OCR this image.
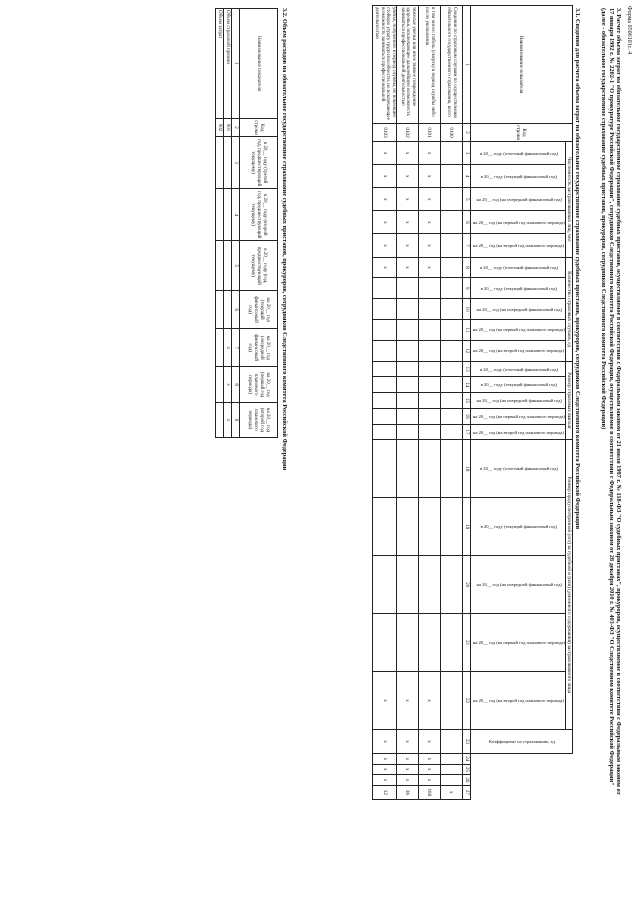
Форма 0506101с. 4
3. Расчет объема затрат на обязательное государственное страхование судебных приставов, осуществляемое в соответствии с Федеральным законом от 21 июля 1997 г. № 118-ФЗ "О судебных приставах", прокуроров, осуществляемое в соответствии с Федеральным законом от 17 января 1992 г. № 2202-1 "О прокуратуре Российской Федерации", сотрудников Следственного комитета Российской Федерации, осуществляемое в соответствии с Федеральным законом от 28 декабря 2010 г. № 403-ФЗ "О Следственном комитете Российской Федерации" (далее - обязательное государственное страхование судебных приставов, прокуроров, сотрудников Следственного комитета Российской Федерации)
3.1. Сведения для расчета объема затрат на обязательное государственное страхование судебных приставов, прокуроров, сотрудников Следственного комитета Российской Федерации
Наименование показателя	Код строки	Численность застрахованных лиц, чел					Количество страховых случаев, ед					Размер страховых выплат					Размер предусмотренной (его) за судебной и (или) (денежного содержания) застрахованного лица					Коэффициент по страхованию, ед				
		в 20__ году (отчетный финансовый год)	в 20__ году (текущий финансовый год)	на 20__ год (на очередной финансовый год)	на 20__ год (на первый год планового периода)	на 20__ год (на второй год планового периода)	в 20__ году (отчетный финансовый год)	в 20__ году (текущий финансовый год)	на 20__ год (на очередной финансовый год)	на 20__ год (на первый год планового периода)	на 20__ год (на второй год планового периода)	в 20__ году (отчетный финансовый год)	в 20__ году (текущий финансовый год)	на 20__ год (на очередной финансовый год)	на 20__ год (на первый год планового периода)	на 20__ год (на второй год планового периода)	в 20__ году (отчетный финансовый год)	в 20__ году (текущий финансовый год)	на 20__ год (на очередной финансовый год)	на 20__ год (на первый год планового периода)	на 20__ год (на второй год планового периода)					
1	2	3	4	5	6	7	8	9	10	11	12	13	14	15	16	17	18	19	20	21	22	23	24	25	26	27
Сведения по страховым случаям по осуществлению обязательного государственного страхования, всего	0100																									x
в том числе: гибель (смерть) в период службы либо после увольнения	0101	x	x	x	x	x	x														x	x	x	x	x	180
тяжелые увечья или иное тяжкое повреждение здоровья, исключающее дальнейшую возможность заниматься профессиональной деятельностью	0102	x	x	x	x	x	x														x	x	x	x	x	36
увечье, полученное в период службы, не повлекшее стойкую утрату трудоспособности, но исключающее возможность заниматься профессиональной деятельностью	0103	x	x	x	x	x	x														x	x	x	x	x	12
3.2. Объем расходов на обязательное государственное страхование судебных приставов, прокуроров, сотрудников Следственного комитета Российской Федерации
Наименование показателя	Код строки	в 20__ году (третий год, предшествующий текущему)	в 20__ году (второй год, предшествующий текущему)	в 20__ году (год, предшествующий текущему)	на 20__ год (текущий финансовый год)	на 20__ год (очередной финансовый год)	на 20__ год (первый год планового периода)	на 20__ год (второй год планового периода)
1	2	3	4	5	6	7	8	9
Объем страховой премии	001					x	x	x
Объем затрат	002							
